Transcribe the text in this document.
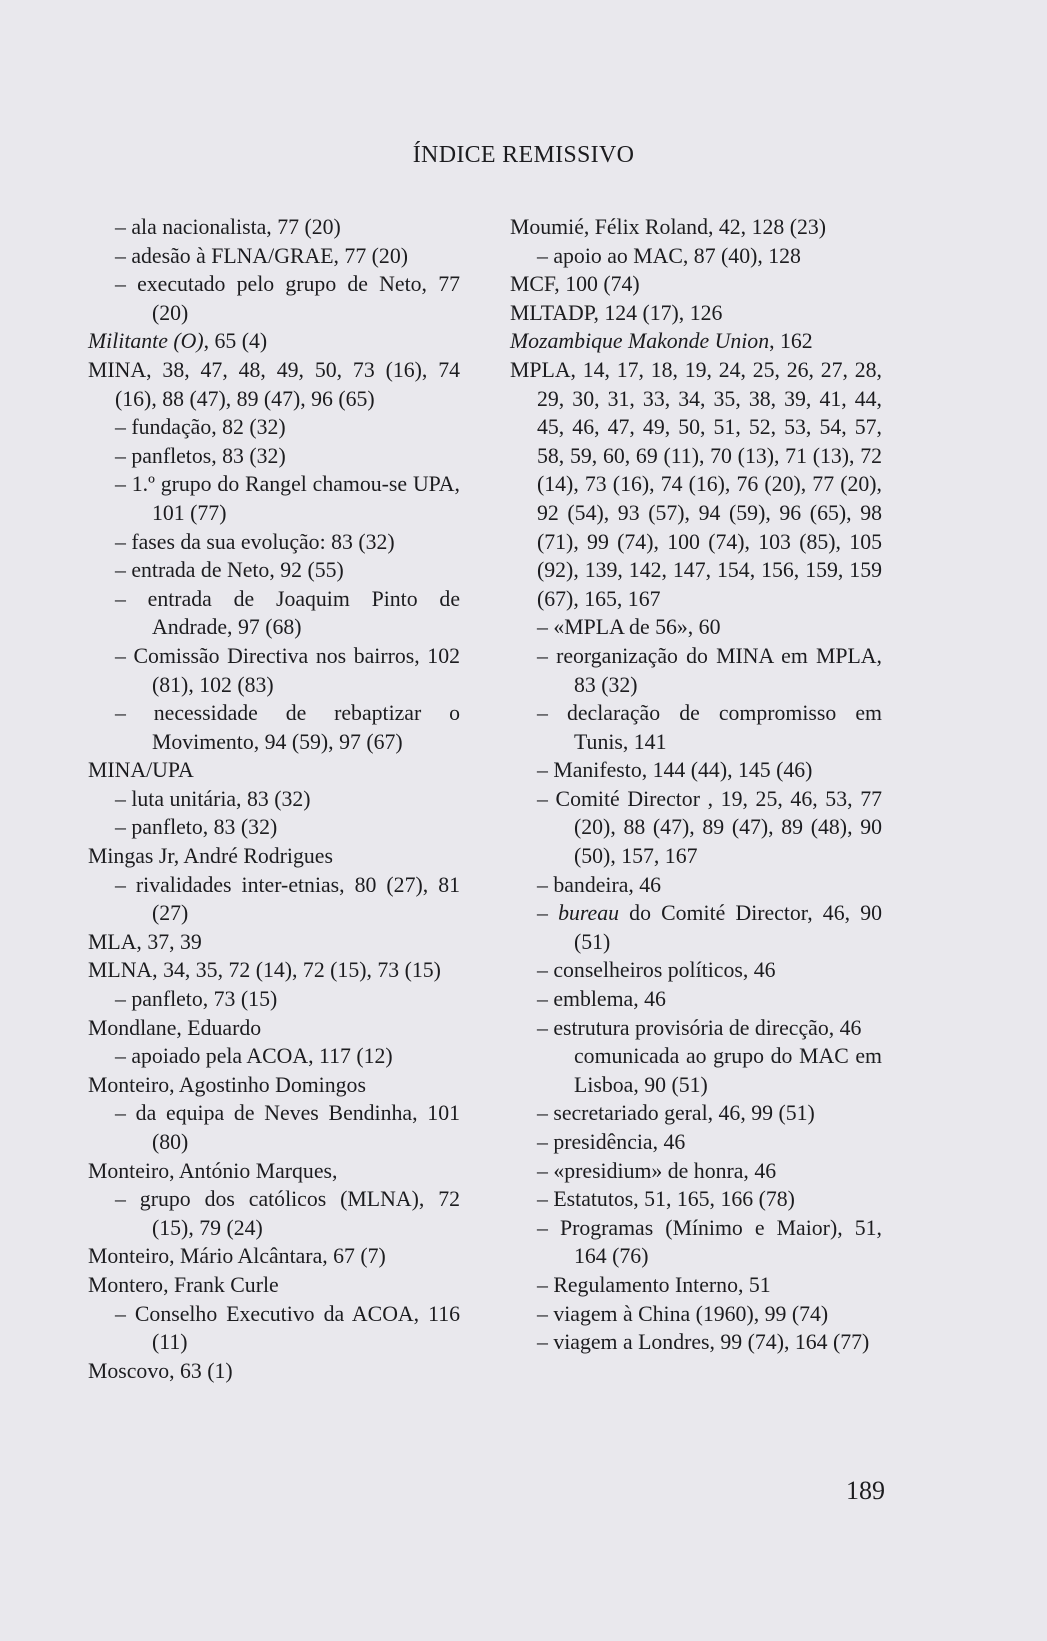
ÍNDICE REMISSIVO

– ala nacionalista, 77 (20)

– adesão à FLNA/GRAE, 77 (20)

– executado pelo grupo de Neto, 77 (20)

Militante (O), 65 (4)

MINA, 38, 47, 48, 49, 50, 73 (16), 74 (16), 88 (47), 89 (47), 96 (65)

– fundação, 82 (32)

– panfletos, 83 (32)

– 1.º grupo do Rangel chamou-se UPA, 101 (77)

– fases da sua evolução: 83 (32)

– entrada de Neto, 92 (55)

– entrada de Joaquim Pinto de Andrade, 97 (68)

– Comissão Directiva nos bairros, 102 (81), 102 (83)

– necessidade de rebaptizar o Movimento, 94 (59), 97 (67)

MINA/UPA

– luta unitária, 83 (32)

– panfleto, 83 (32)

Mingas Jr, André Rodrigues

– rivalidades inter-etnias, 80 (27), 81 (27)

MLA, 37, 39

MLNA, 34, 35, 72 (14), 72 (15), 73 (15)

– panfleto, 73 (15)

Mondlane, Eduardo

– apoiado pela ACOA, 117 (12)

Monteiro, Agostinho Domingos

– da equipa de Neves Bendinha, 101 (80)

Monteiro, António Marques,

– grupo dos católicos (MLNA), 72 (15), 79 (24)

Monteiro, Mário Alcântara, 67 (7)

Montero, Frank Curle

– Conselho Executivo da ACOA, 116 (11)

Moscovo, 63 (1)

Moumié, Félix Roland, 42, 128 (23)

– apoio ao MAC, 87 (40), 128

MCF, 100 (74)

MLTADP, 124 (17), 126

Mozambique Makonde Union, 162

MPLA, 14, 17, 18, 19, 24, 25, 26, 27, 28, 29, 30, 31, 33, 34, 35, 38, 39, 41, 44, 45, 46, 47, 49, 50, 51, 52, 53, 54, 57, 58, 59, 60, 69 (11), 70 (13), 71 (13), 72 (14), 73 (16), 74 (16), 76 (20), 77 (20), 92 (54), 93 (57), 94 (59), 96 (65), 98 (71), 99 (74), 100 (74), 103 (85), 105 (92), 139, 142, 147, 154, 156, 159, 159 (67), 165, 167

– «MPLA de 56», 60

– reorganização do MINA em MPLA, 83 (32)

– declaração de compromisso em Tunis, 141

– Manifesto, 144 (44), 145 (46)

– Comité Director , 19, 25, 46, 53, 77 (20), 88 (47), 89 (47), 89 (48), 90 (50), 157, 167

– bandeira, 46

– bureau do Comité Director, 46, 90 (51)

– conselheiros políticos, 46

– emblema, 46

– estrutura provisória de direcção, 46

comunicada ao grupo do MAC em Lisboa, 90 (51)

– secretariado geral, 46, 99 (51)

– presidência, 46

– «presidium» de honra, 46

– Estatutos, 51, 165, 166 (78)

– Programas (Mínimo e Maior), 51, 164 (76)

– Regulamento Interno, 51

– viagem à China (1960), 99 (74)

– viagem a Londres, 99 (74), 164 (77)

189
